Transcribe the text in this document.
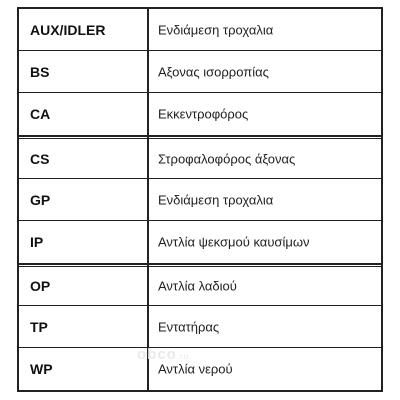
AUX/IDLER	Ενδιάμεση τροχαλια
BS	Αξονας ισορροπίας
CA	Εκκεντροφόρος
CS	Στροφαλοφόρος άξονας
GP	Ενδιάμεση τροχαλια
IP	Αντλία ψεκσμού καυσίμων
OP	Αντλία λαδιού
TP	Εντατήρας
WP	Αντλία νερού
obco.ru
